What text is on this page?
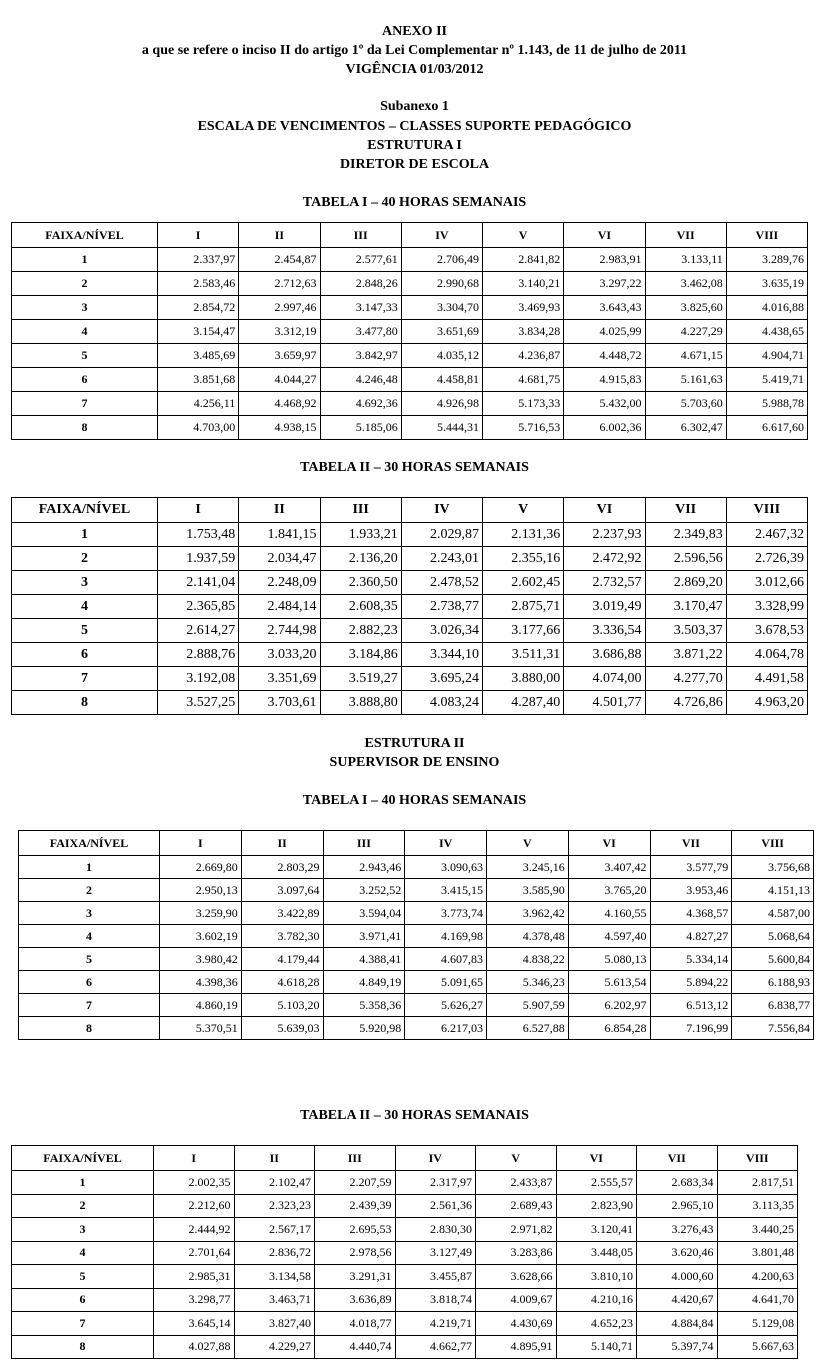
ANEXO II
a que se refere o inciso II do artigo 1º da Lei Complementar nº 1.143, de 11 de julho de 2011
VIGÊNCIA 01/03/2012
Subanexo 1
ESCALA DE VENCIMENTOS – CLASSES SUPORTE PEDAGÓGICO
ESTRUTURA I
DIRETOR DE ESCOLA
TABELA I – 40 HORAS SEMANAIS
FAIXA/NÍVEL	I	II	III	IV	V	VI	VII	VIII
1	2.337,97	2.454,87	2.577,61	2.706,49	2.841,82	2.983,91	3.133,11	3.289,76
2	2.583,46	2.712,63	2.848,26	2.990,68	3.140,21	3.297,22	3.462,08	3.635,19
3	2.854,72	2.997,46	3.147,33	3.304,70	3.469,93	3.643,43	3.825,60	4.016,88
4	3.154,47	3.312,19	3.477,80	3.651,69	3.834,28	4.025,99	4.227,29	4.438,65
5	3.485,69	3.659,97	3.842,97	4.035,12	4.236,87	4.448,72	4.671,15	4.904,71
6	3.851,68	4.044,27	4.246,48	4.458,81	4.681,75	4.915,83	5.161,63	5.419,71
7	4.256,11	4.468,92	4.692,36	4.926,98	5.173,33	5.432,00	5.703,60	5.988,78
8	4.703,00	4.938,15	5.185,06	5.444,31	5.716,53	6.002,36	6.302,47	6.617,60
TABELA II – 30 HORAS SEMANAIS
FAIXA/NÍVEL	I	II	III	IV	V	VI	VII	VIII
1	1.753,48	1.841,15	1.933,21	2.029,87	2.131,36	2.237,93	2.349,83	2.467,32
2	1.937,59	2.034,47	2.136,20	2.243,01	2.355,16	2.472,92	2.596,56	2.726,39
3	2.141,04	2.248,09	2.360,50	2.478,52	2.602,45	2.732,57	2.869,20	3.012,66
4	2.365,85	2.484,14	2.608,35	2.738,77	2.875,71	3.019,49	3.170,47	3.328,99
5	2.614,27	2.744,98	2.882,23	3.026,34	3.177,66	3.336,54	3.503,37	3.678,53
6	2.888,76	3.033,20	3.184,86	3.344,10	3.511,31	3.686,88	3.871,22	4.064,78
7	3.192,08	3.351,69	3.519,27	3.695,24	3.880,00	4.074,00	4.277,70	4.491,58
8	3.527,25	3.703,61	3.888,80	4.083,24	4.287,40	4.501,77	4.726,86	4.963,20
ESTRUTURA II
SUPERVISOR DE ENSINO
TABELA I – 40 HORAS SEMANAIS
FAIXA/NÍVEL	I	II	III	IV	V	VI	VII	VIII
1	2.669,80	2.803,29	2.943,46	3.090,63	3.245,16	3.407,42	3.577,79	3.756,68
2	2.950,13	3.097,64	3.252,52	3.415,15	3.585,90	3.765,20	3.953,46	4.151,13
3	3.259,90	3.422,89	3.594,04	3.773,74	3.962,42	4.160,55	4.368,57	4.587,00
4	3.602,19	3.782,30	3.971,41	4.169,98	4.378,48	4.597,40	4.827,27	5.068,64
5	3.980,42	4.179,44	4.388,41	4.607,83	4.838,22	5.080,13	5.334,14	5.600,84
6	4.398,36	4.618,28	4.849,19	5.091,65	5.346,23	5.613,54	5.894,22	6.188,93
7	4.860,19	5.103,20	5.358,36	5.626,27	5.907,59	6.202,97	6.513,12	6.838,77
8	5.370,51	5.639,03	5.920,98	6.217,03	6.527,88	6.854,28	7.196,99	7.556,84
TABELA II – 30 HORAS SEMANAIS
FAIXA/NÍVEL	I	II	III	IV	V	VI	VII	VIII
1	2.002,35	2.102,47	2.207,59	2.317,97	2.433,87	2.555,57	2.683,34	2.817,51
2	2.212,60	2.323,23	2.439,39	2.561,36	2.689,43	2.823,90	2.965,10	3.113,35
3	2.444,92	2.567,17	2.695,53	2.830,30	2.971,82	3.120,41	3.276,43	3.440,25
4	2.701,64	2.836,72	2.978,56	3.127,49	3.283,86	3.448,05	3.620,46	3.801,48
5	2.985,31	3.134,58	3.291,31	3.455,87	3.628,66	3.810,10	4.000,60	4.200,63
6	3.298,77	3.463,71	3.636,89	3.818,74	4.009,67	4.210,16	4.420,67	4.641,70
7	3.645,14	3.827,40	4.018,77	4.219,71	4.430,69	4.652,23	4.884,84	5.129,08
8	4.027,88	4.229,27	4.440,74	4.662,77	4.895,91	5.140,71	5.397,74	5.667,63
